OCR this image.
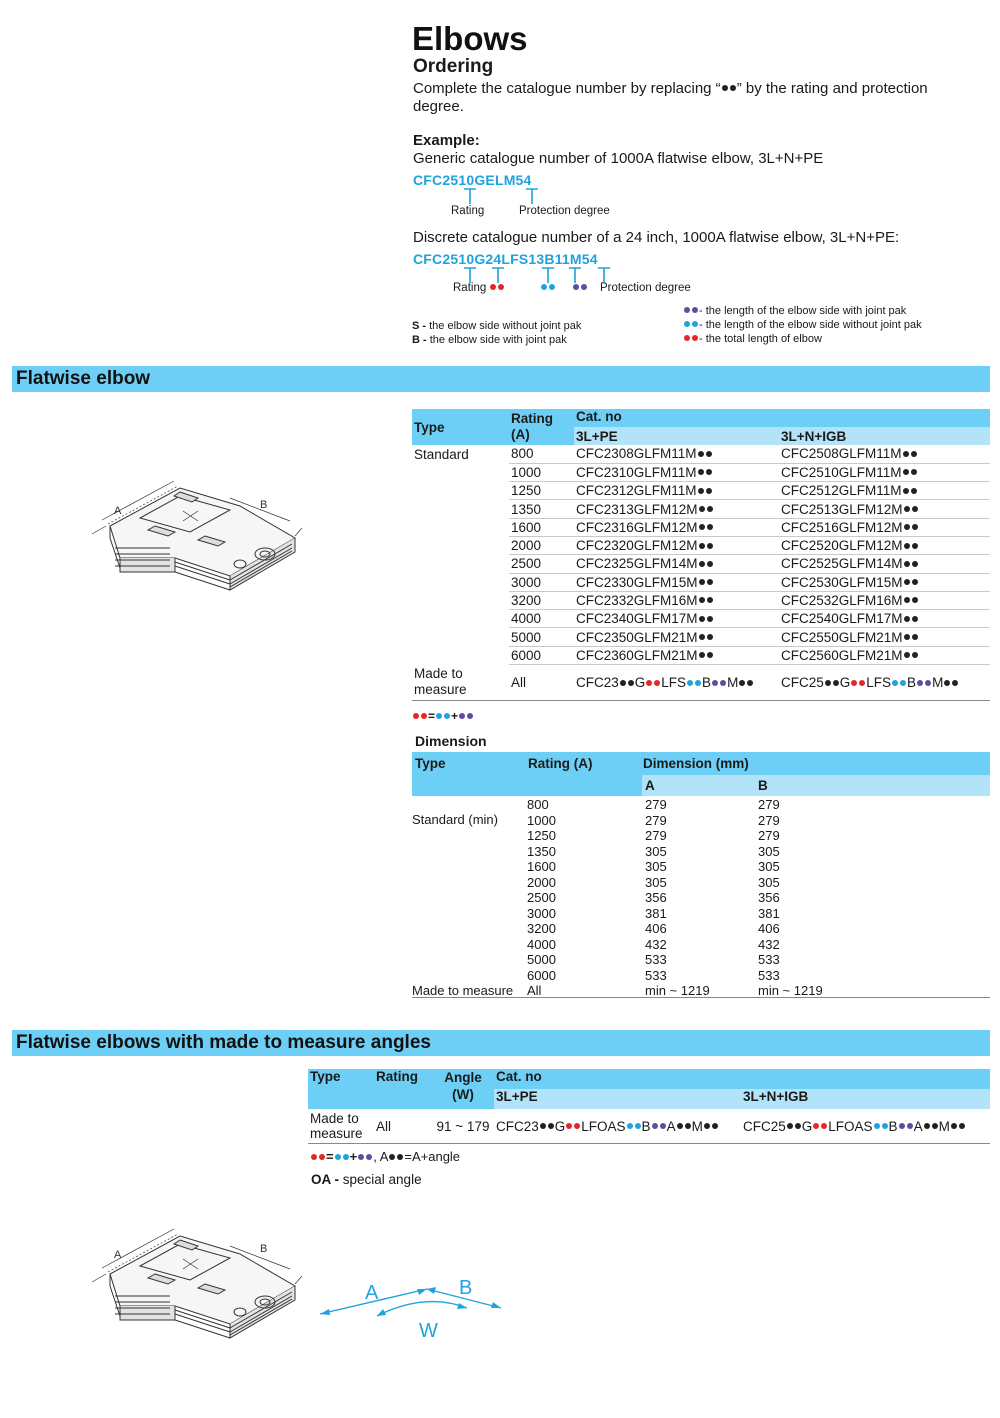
Elbows
Ordering
Complete the catalogue number by replacing “ ” by the rating and protection degree.
Example:
Generic catalogue number of 1000A flatwise elbow, 3L+N+PE
CFC2510GELM54
Rating	Protection degree
Discrete catalogue number of a 24 inch, 1000A flatwise elbow, 3L+N+PE:
CFC2510G24LFS13B11M54
Rating	Protection degree
S - the elbow side without joint pak
B - the elbow side with joint pak
- the length of the elbow side with joint pak
- the length of the elbow side without joint pak
- the total length of elbow
Flatwise elbow
A	B
Type	Rating (A)	Cat. no	
		3L+PE	3L+N+IGB
Standard	800	CFC2308GLFM11M	CFC2508GLFM11M
	1000	CFC2310GLFM11M	CFC2510GLFM11M
	1250	CFC2312GLFM11M	CFC2512GLFM11M
	1350	CFC2313GLFM12M	CFC2513GLFM12M
	1600	CFC2316GLFM12M	CFC2516GLFM12M
	2000	CFC2320GLFM12M	CFC2520GLFM12M
	2500	CFC2325GLFM14M	CFC2525GLFM14M
	3000	CFC2330GLFM15M	CFC2530GLFM15M
	3200	CFC2332GLFM16M	CFC2532GLFM16M
	4000	CFC2340GLFM17M	CFC2540GLFM17M
	5000	CFC2350GLFM21M	CFC2550GLFM21M
	6000	CFC2360GLFM21M	CFC2560GLFM21M
Made to measure	All	CFC23 G LFS B M	CFC25 G LFS B M
= +
Dimension
Type	Rating (A)	Dimension (mm)
A	B
Standard (min)
800	279	279
1000	279	279
1250	279	279
1350	305	305
1600	305	305
2000	305	305
2500	356	356
3000	381	381
3200	406	406
4000	432	432
5000	533	533
6000	533	533
Made to measure All	min ~ 1219	min ~ 1219
Flatwise elbows with made to measure angles
Type	Rating	Angle (W)	Cat. no	
			3L+PE	3L+N+IGB
Made to measure	All	91 ~ 179	CFC23 G LFOAS B A M	CFC25 G LFOAS B A M
= + , A =A+angle
OA - special angle
A	B
A	B
W
